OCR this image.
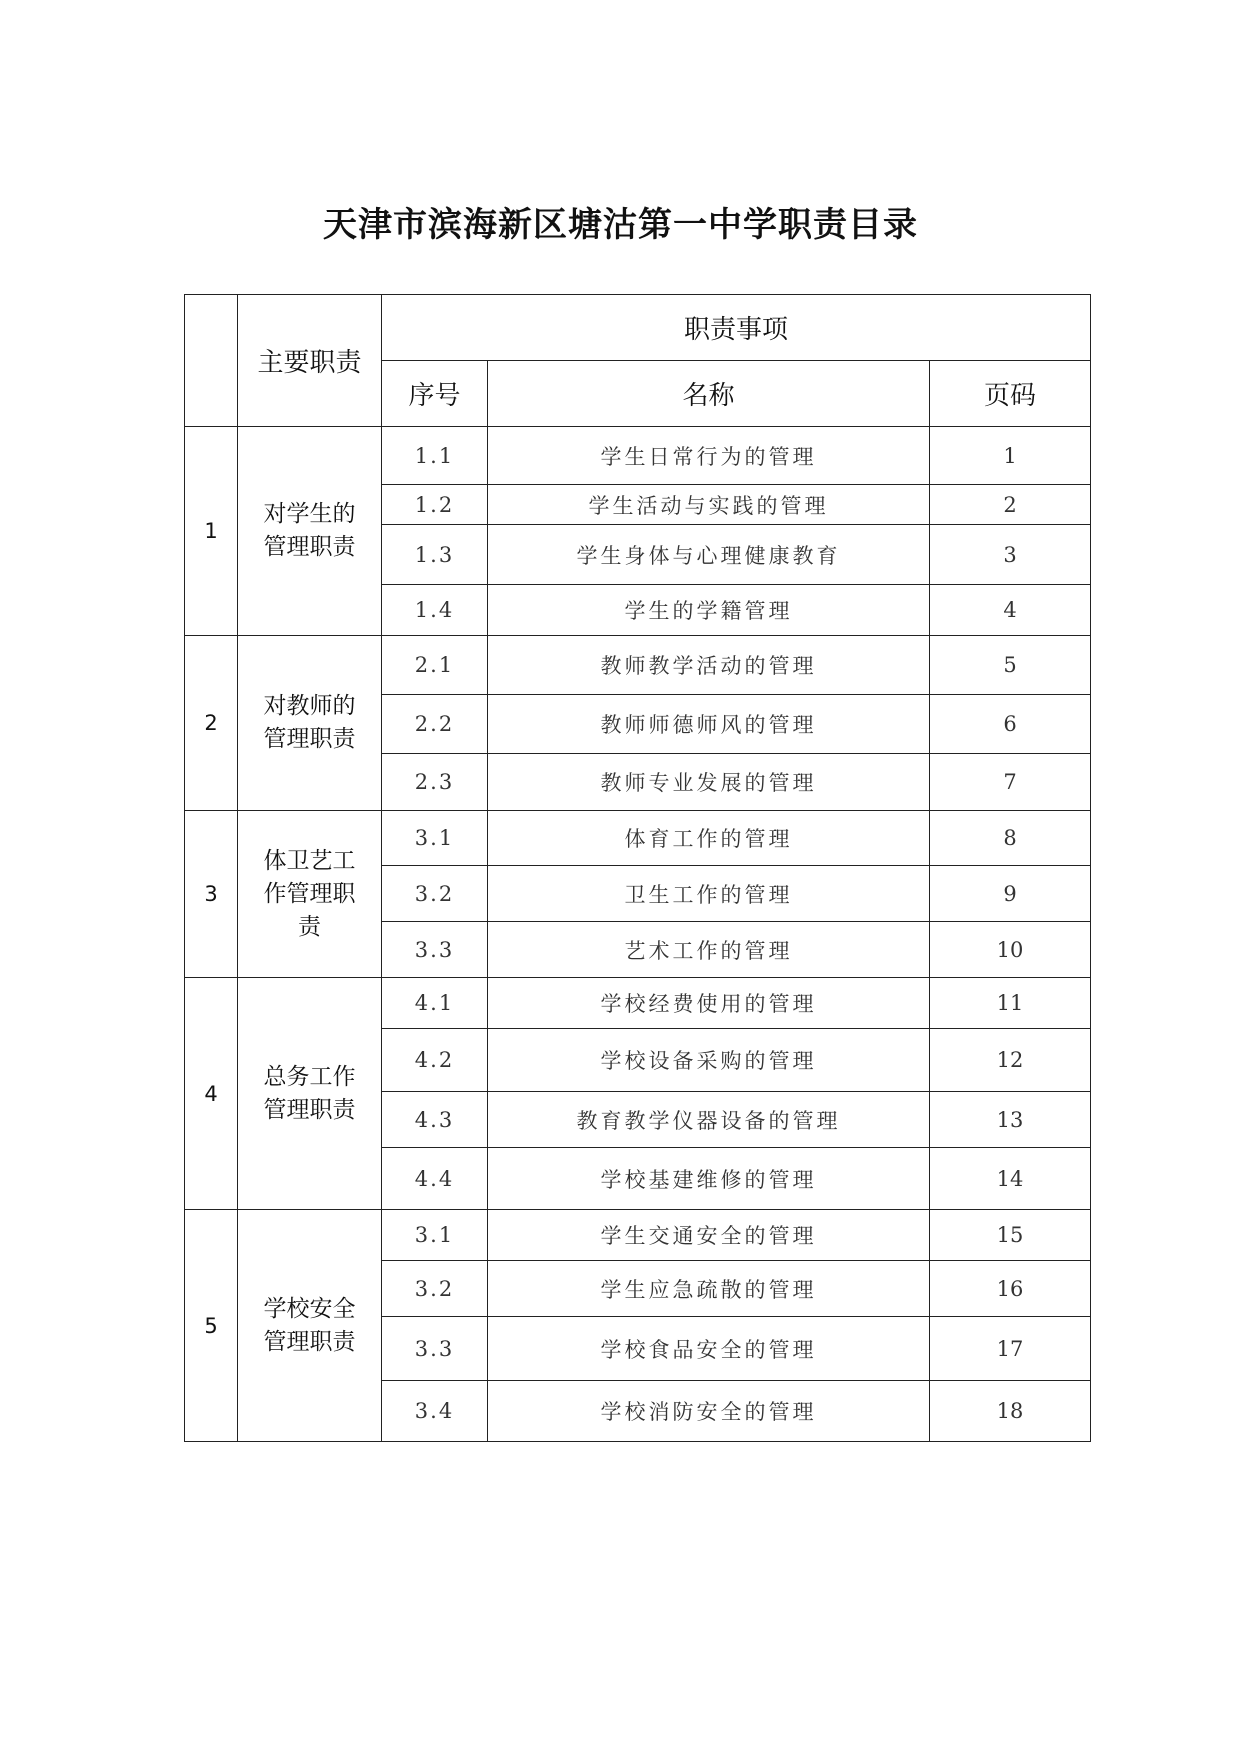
天津市滨海新区塘沽第一中学职责目录
	主要职责	职责事项		
		序号	名称	页码
1	对学生的管理职责	1.1	学生日常行为的管理	1
		1.2	学生活动与实践的管理	2
		1.3	学生身体与心理健康教育	3
		1.4	学生的学籍管理	4
2	对教师的管理职责	2.1	教师教学活动的管理	5
		2.2	教师师德师风的管理	6
		2.3	教师专业发展的管理	7
3	体卫艺工作管理职责	3.1	体育工作的管理	8
		3.2	卫生工作的管理	9
		3.3	艺术工作的管理	10
4	总务工作管理职责	4.1	学校经费使用的管理	11
		4.2	学校设备采购的管理	12
		4.3	教育教学仪器设备的管理	13
		4.4	学校基建维修的管理	14
5	学校安全管理职责	3.1	学生交通安全的管理	15
		3.2	学生应急疏散的管理	16
		3.3	学校食品安全的管理	17
		3.4	学校消防安全的管理	18
